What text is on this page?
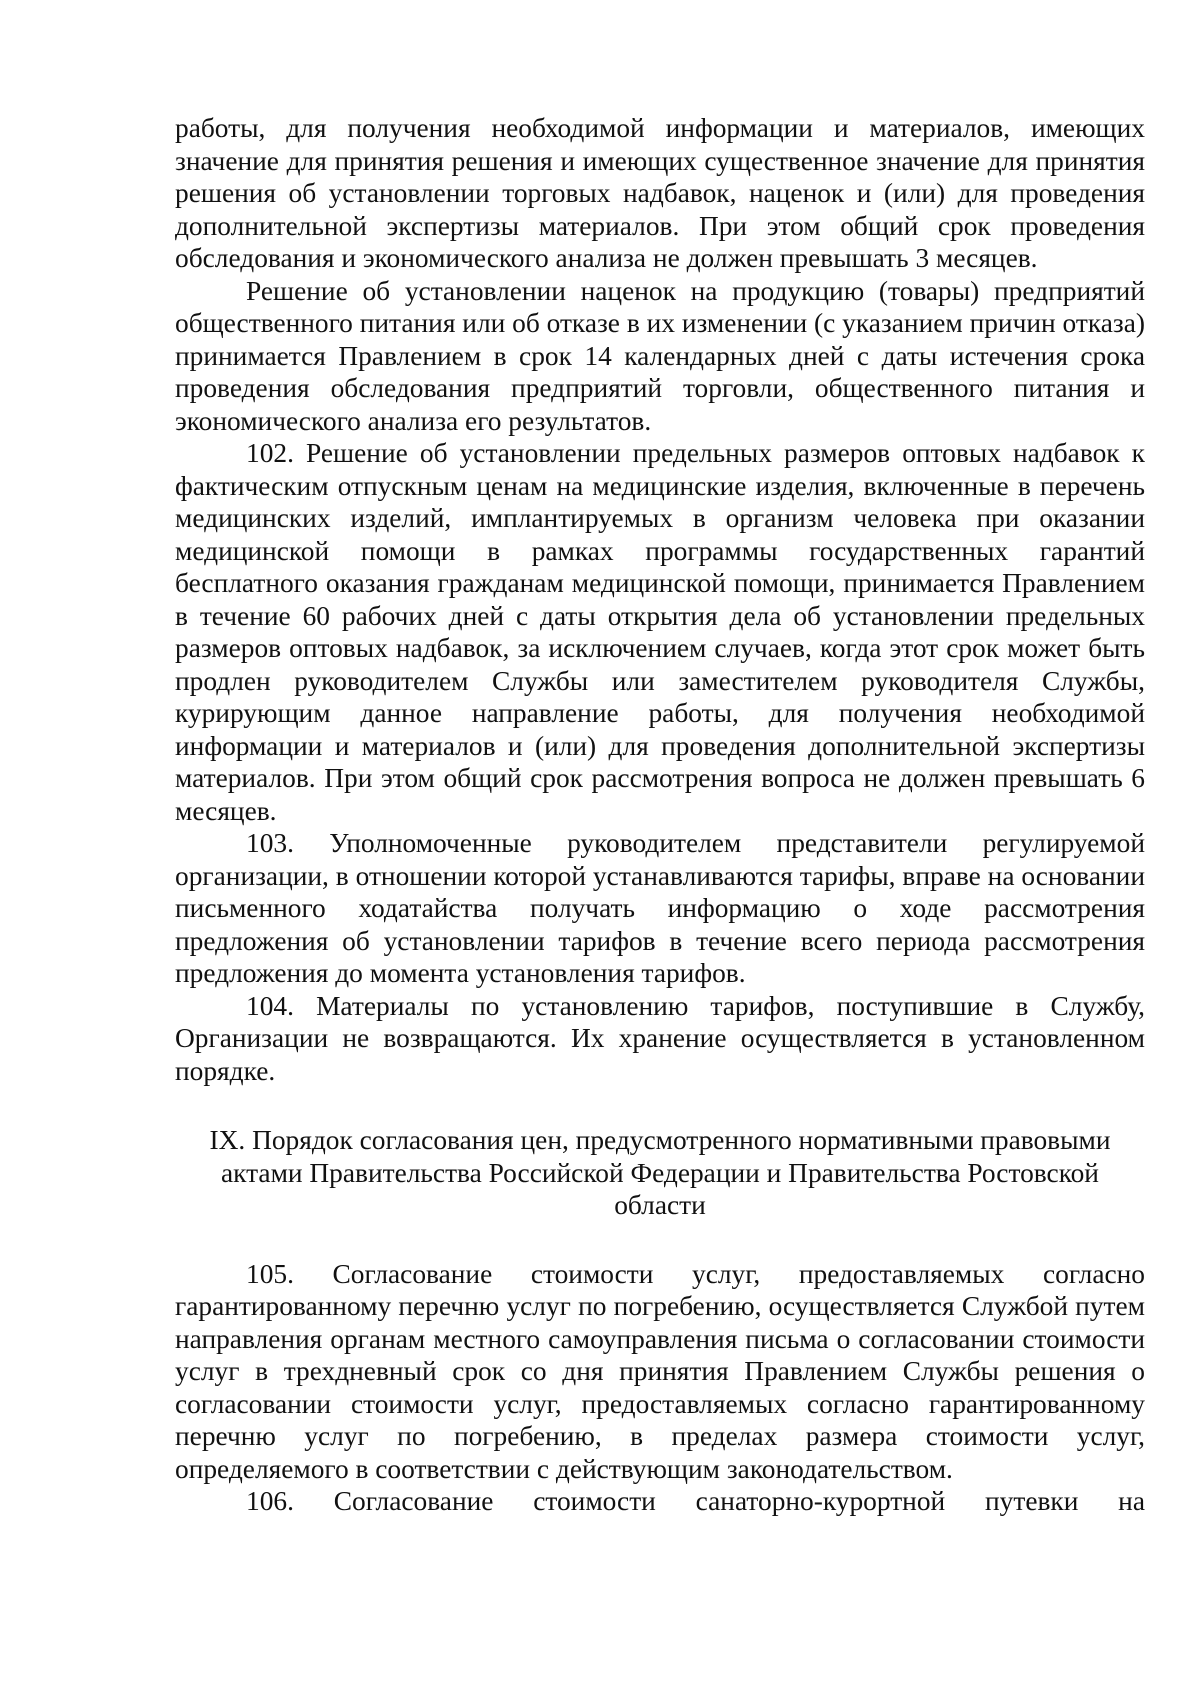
работы, для получения необходимой информации и материалов, имеющих значение для принятия решения и имеющих существенное значение для принятия решения об установлении торговых надбавок, наценок и (или) для проведения дополнительной экспертизы материалов. При этом общий срок проведения обследования и экономического анализа не должен превышать 3 месяцев.

Решение об установлении наценок на продукцию (товары) предприятий общественного питания или об отказе в их изменении (с указанием причин отказа) принимается Правлением в срок 14 календарных дней с даты истечения срока проведения обследования предприятий торговли, общественного питания и экономического анализа его результатов.

102. Решение об установлении предельных размеров оптовых надбавок к фактическим отпускным ценам на медицинские изделия, включенные в перечень медицинских изделий, имплантируемых в организм человека при оказании медицинской помощи в рамках программы государственных гарантий бесплатного оказания гражданам медицинской помощи, принимается Правлением в течение 60 рабочих дней с даты открытия дела об установлении предельных размеров оптовых надбавок, за исключением случаев, когда этот срок может быть продлен руководителем Службы или заместителем руководителя Службы, курирующим данное направление работы, для получения необходимой информации и материалов и (или) для проведения дополнительной экспертизы материалов. При этом общий срок рассмотрения вопроса не должен превышать 6 месяцев.

103. Уполномоченные руководителем представители регулируемой организации, в отношении которой устанавливаются тарифы, вправе на основании письменного ходатайства получать информацию о ходе рассмотрения предложения об установлении тарифов в течение всего периода рассмотрения предложения до момента установления тарифов.

104. Материалы по установлению тарифов, поступившие в Службу, Организации не возвращаются. Их хранение осуществляется в установленном порядке.

IX. Порядок согласования цен, предусмотренного нормативными правовыми актами Правительства Российской Федерации и Правительства Ростовской области

105. Согласование стоимости услуг, предоставляемых согласно гарантированному перечню услуг по погребению, осуществляется Службой путем направления органам местного самоуправления письма о согласовании стоимости услуг в трехдневный срок со дня принятия Правлением Службы решения о согласовании стоимости услуг, предоставляемых согласно гарантированному перечню услуг по погребению, в пределах размера стоимости услуг, определяемого в соответствии с действующим законодательством.

106. Согласование стоимости санаторно-курортной путевки на
